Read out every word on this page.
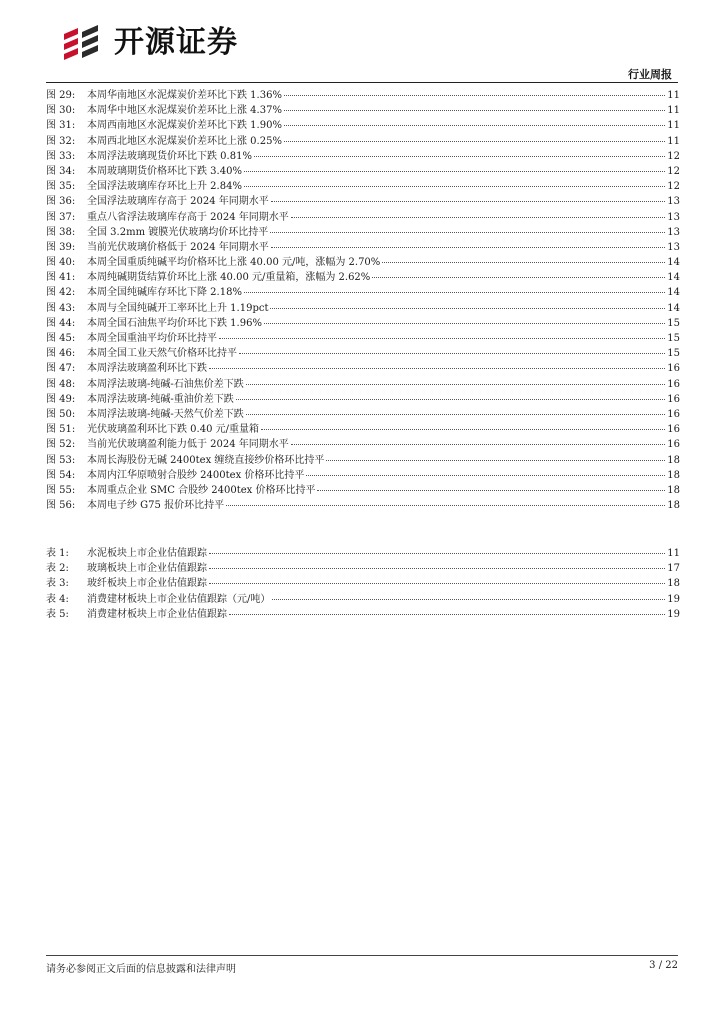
开源证券
行业周报
图 29:	本周华南地区水泥煤炭价差环比下跌 1.36%	11
图 30:	本周华中地区水泥煤炭价差环比上涨 4.37%	11
图 31:	本周西南地区水泥煤炭价差环比下跌 1.90%	11
图 32:	本周西北地区水泥煤炭价差环比上涨 0.25%	11
图 33:	本周浮法玻璃现货价环比下跌 0.81%	12
图 34:	本周玻璃期货价格环比下跌 3.40%	12
图 35:	全国浮法玻璃库存环比上升 2.84%	12
图 36:	全国浮法玻璃库存高于 2024 年同期水平	13
图 37:	重点八省浮法玻璃库存高于 2024 年同期水平	13
图 38:	全国 3.2mm 镀膜光伏玻璃均价环比持平	13
图 39:	当前光伏玻璃价格低于 2024 年同期水平	13
图 40:	本周全国重质纯碱平均价格环比上涨 40.00 元/吨，涨幅为 2.70%	14
图 41:	本周纯碱期货结算价环比上涨 40.00 元/重量箱，涨幅为 2.62%	14
图 42:	本周全国纯碱库存环比下降 2.18%	14
图 43:	本周与全国纯碱开工率环比上升 1.19pct	14
图 44:	本周全国石油焦平均价环比下跌 1.96%	15
图 45:	本周全国重油平均价环比持平	15
图 46:	本周全国工业天然气价格环比持平	15
图 47:	本周浮法玻璃盈利环比下跌	16
图 48:	本周浮法玻璃-纯碱-石油焦价差下跌	16
图 49:	本周浮法玻璃-纯碱-重油价差下跌	16
图 50:	本周浮法玻璃-纯碱-天然气价差下跌	16
图 51:	光伏玻璃盈利环比下跌 0.40 元/重量箱	16
图 52:	当前光伏玻璃盈利能力低于 2024 年同期水平	16
图 53:	本周长海股份无碱 2400tex 缠绕直接纱价格环比持平	18
图 54:	本周内江华原喷射合股纱 2400tex 价格环比持平	18
图 55:	本周重点企业 SMC 合股纱 2400tex 价格环比持平	18
图 56:	本周电子纱 G75 报价环比持平	18
表 1:	水泥板块上市企业估值跟踪	11
表 2:	玻璃板块上市企业估值跟踪	17
表 3:	玻纤板块上市企业估值跟踪	18
表 4:	消费建材板块上市企业估值跟踪（元/吨）	19
表 5:	消费建材板块上市企业估值跟踪	19
请务必参阅正文后面的信息披露和法律声明	3 / 22
